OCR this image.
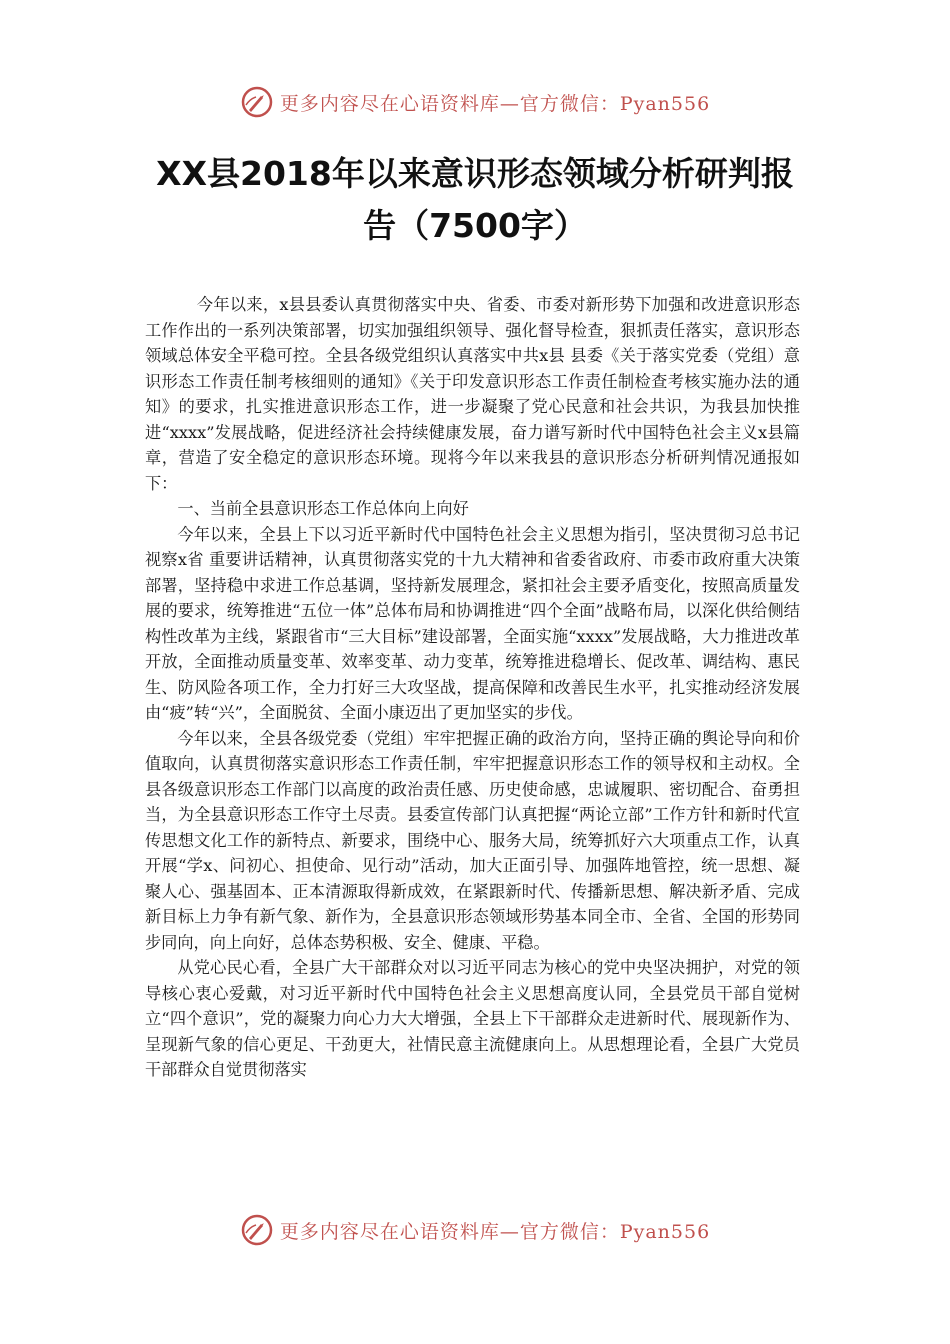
更多内容尽在心语资料库—官方微信：Pyan556
XX县2018年以来意识形态领域分析研判报告（7500字）

今年以来，x县县委认真贯彻落实中央、省委、市委对新形势下加强和改进意识形态工作作出的一系列决策部署，切实加强组织领导、强化督导检查，狠抓责任落实，意识形态领域总体安全平稳可控。全县各级党组织认真落实中共x县 县委《关于落实党委（党组）意识形态工作责任制考核细则的通知》《关于印发意识形态工作责任制检查考核实施办法的通知》的要求，扎实推进意识形态工作，进一步凝聚了党心民意和社会共识，为我县加快推进“xxxx”发展战略，促进经济社会持续健康发展，奋力谱写新时代中国特色社会主义x县篇章，营造了安全稳定的意识形态环境。现将今年以来我县的意识形态分析研判情况通报如下：

一、当前全县意识形态工作总体向上向好

今年以来，全县上下以习近平新时代中国特色社会主义思想为指引，坚决贯彻习总书记视察x省 重要讲话精神，认真贯彻落实党的十九大精神和省委省政府、市委市政府重大决策部署，坚持稳中求进工作总基调，坚持新发展理念，紧扣社会主要矛盾变化，按照高质量发展的要求，统筹推进“五位一体”总体布局和协调推进“四个全面”战略布局，以深化供给侧结构性改革为主线，紧跟省市“三大目标”建设部署，全面实施“xxxx”发展战略，大力推进改革开放，全面推动质量变革、效率变革、动力变革，统筹推进稳增长、促改革、调结构、惠民生、防风险各项工作，全力打好三大攻坚战，提高保障和改善民生水平，扎实推动经济发展由“疲”转“兴”，全面脱贫、全面小康迈出了更加坚实的步伐。

今年以来，全县各级党委（党组）牢牢把握正确的政治方向，坚持正确的舆论导向和价值取向，认真贯彻落实意识形态工作责任制，牢牢把握意识形态工作的领导权和主动权。全县各级意识形态工作部门以高度的政治责任感、历史使命感，忠诚履职、密切配合、奋勇担当，为全县意识形态工作守土尽责。县委宣传部门认真把握“两论立部”工作方针和新时代宣传思想文化工作的新特点、新要求，围绕中心、服务大局，统筹抓好六大项重点工作，认真开展“学x、问初心、担使命、见行动”活动，加大正面引导、加强阵地管控，统一思想、凝聚人心、强基固本、正本清源取得新成效，在紧跟新时代、传播新思想、解决新矛盾、完成新目标上力争有新气象、新作为，全县意识形态领域形势基本同全市、全省、全国的形势同步同向，向上向好，总体态势积极、安全、健康、平稳。

从党心民心看，全县广大干部群众对以习近平同志为核心的党中央坚决拥护，对党的领导核心衷心爱戴，对习近平新时代中国特色社会主义思想高度认同，全县党员干部自觉树立“四个意识”，党的凝聚力向心力大大增强，全县上下干部群众走进新时代、展现新作为、呈现新气象的信心更足、干劲更大，社情民意主流健康向上。从思想理论看，全县广大党员干部群众自觉贯彻落实

更多内容尽在心语资料库—官方微信：Pyan556
